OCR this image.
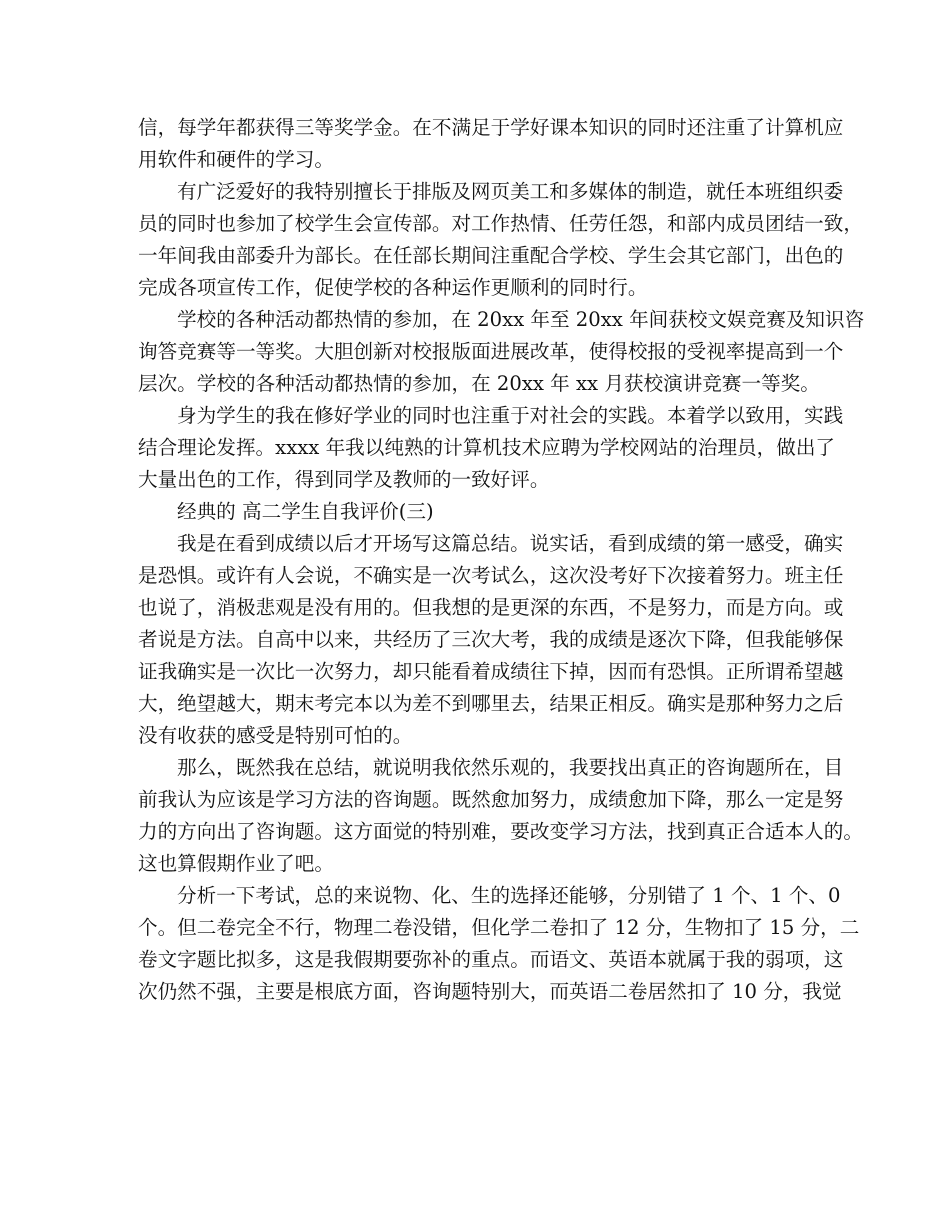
信，每学年都获得三等奖学金。在不满足于学好课本知识的同时还注重了计算机应
用软件和硬件的学习。
有广泛爱好的我特别擅长于排版及网页美工和多媒体的制造，就任本班组织委
员的同时也参加了校学生会宣传部。对工作热情、任劳任怨，和部内成员团结一致，
一年间我由部委升为部长。在任部长期间注重配合学校、学生会其它部门，出色的
完成各项宣传工作，促使学校的各种运作更顺利的同时行。
学校的各种活动都热情的参加，在 20xx 年至 20xx 年间获校文娱竞赛及知识咨
询答竞赛等一等奖。大胆创新对校报版面进展改革，使得校报的受视率提高到一个
层次。学校的各种活动都热情的参加，在 20xx 年 xx 月获校演讲竞赛一等奖。
身为学生的我在修好学业的同时也注重于对社会的实践。本着学以致用，实践
结合理论发挥。xxxx 年我以纯熟的计算机技术应聘为学校网站的治理员，做出了
大量出色的工作，得到同学及教师的一致好评。
经典的 高二学生自我评价(三)
我是在看到成绩以后才开场写这篇总结。说实话，看到成绩的第一感受，确实
是恐惧。或许有人会说，不确实是一次考试么，这次没考好下次接着努力。班主任
也说了，消极悲观是没有用的。但我想的是更深的东西，不是努力，而是方向。或
者说是方法。自高中以来，共经历了三次大考，我的成绩是逐次下降，但我能够保
证我确实是一次比一次努力，却只能看着成绩往下掉，因而有恐惧。正所谓希望越
大，绝望越大，期末考完本以为差不到哪里去，结果正相反。确实是那种努力之后
没有收获的感受是特别可怕的。
那么，既然我在总结，就说明我依然乐观的，我要找出真正的咨询题所在，目
前我认为应该是学习方法的咨询题。既然愈加努力，成绩愈加下降，那么一定是努
力的方向出了咨询题。这方面觉的特别难，要改变学习方法，找到真正合适本人的。
这也算假期作业了吧。
分析一下考试，总的来说物、化、生的选择还能够，分别错了 1 个、1 个、0
个。但二卷完全不行，物理二卷没错，但化学二卷扣了 12 分，生物扣了 15 分，二
卷文字题比拟多，这是我假期要弥补的重点。而语文、英语本就属于我的弱项，这
次仍然不强，主要是根底方面，咨询题特别大，而英语二卷居然扣了 10 分，我觉
